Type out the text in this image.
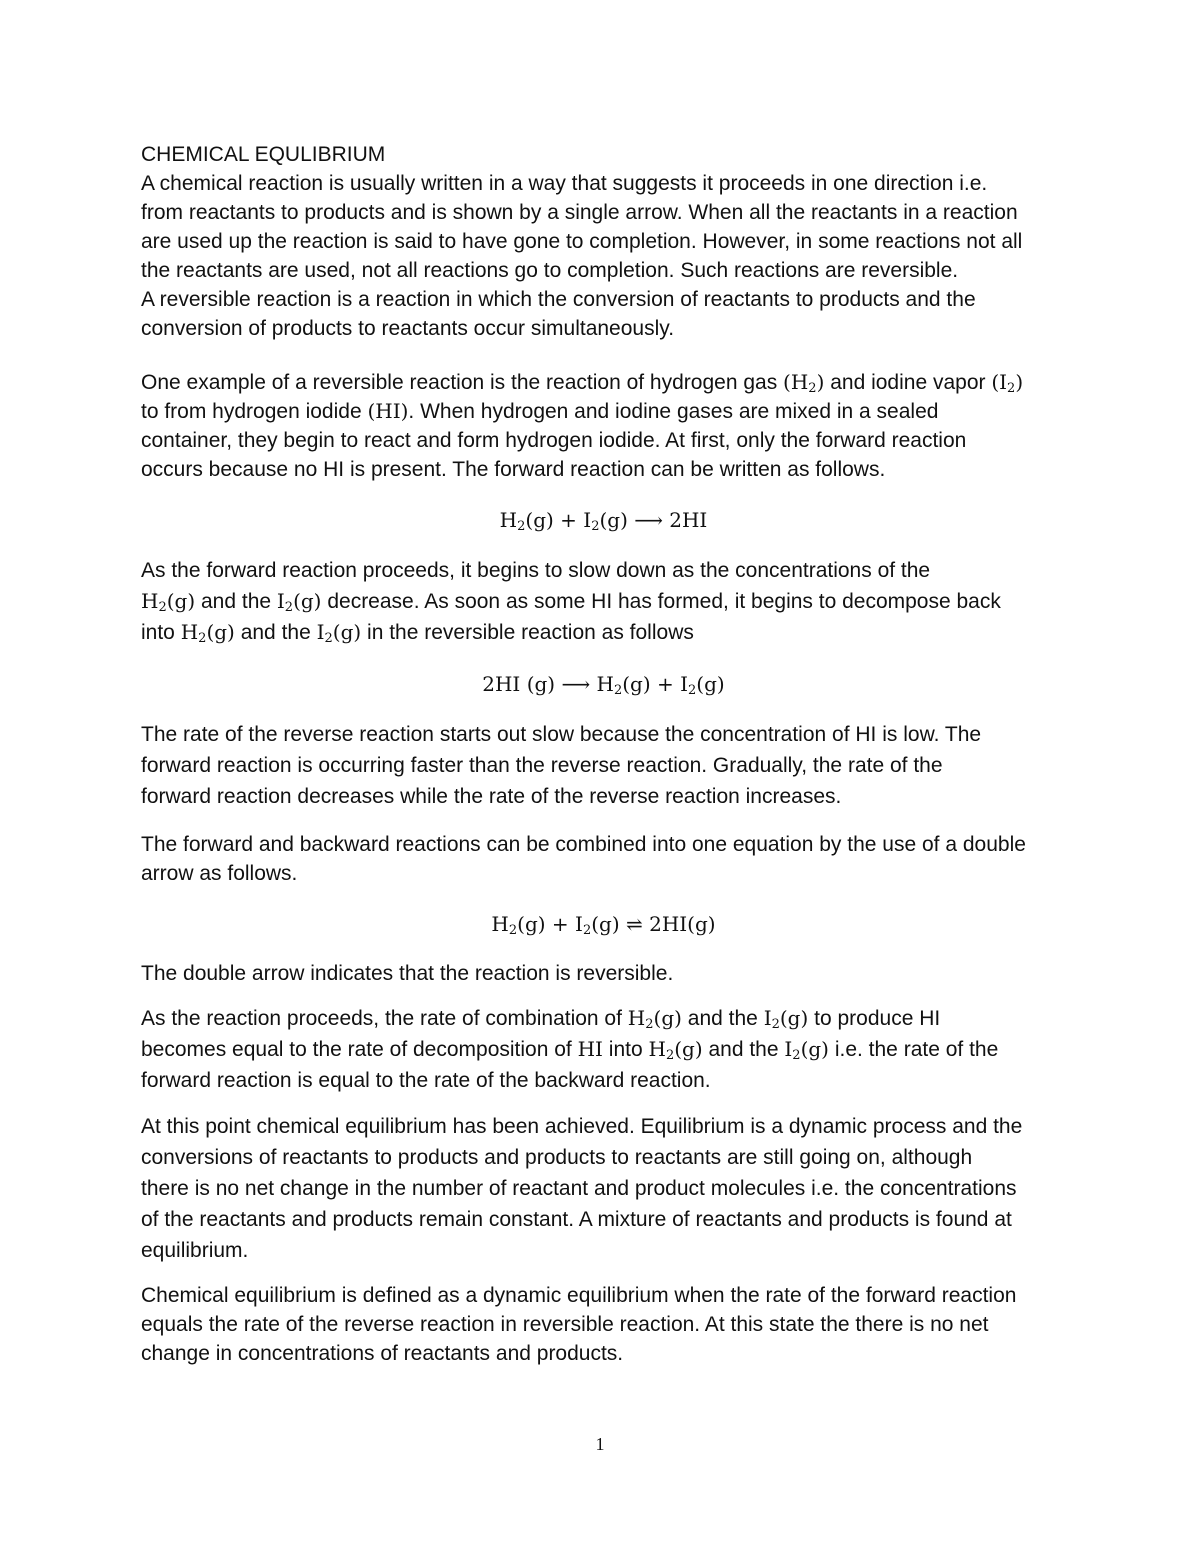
CHEMICAL EQULIBRIUM

A chemical reaction is usually written in a way that suggests it proceeds in one direction i.e.

from reactants to products and is shown by a single arrow. When all the reactants in a reaction

are used up the reaction is said to have gone to completion. However, in some reactions not all

the reactants are used, not all reactions go to completion. Such reactions are reversible.

A reversible reaction is a reaction in which the conversion of reactants to products and the

conversion of products to reactants occur simultaneously.

One example of a reversible reaction is the reaction of hydrogen gas $(H_2)$ and iodine vapor $(I_2)$

to from hydrogen iodide (HI). When hydrogen and iodine gases are mixed in a sealed

container, they begin to react and form hydrogen iodide. At first, only the forward reaction

occurs because no HI is present. The forward reaction can be written as follows.

$H_2(g) + I_2(g)$ ⟶ 2HI

As the forward reaction proceeds, it begins to slow down as the concentrations of the

$H_2(g)$ and the $I_2(g)$ decrease. As soon as some HI has formed, it begins to decompose back

into $H_2(g)$ and the $I_2(g)$ in the reversible reaction as follows

2HI (g) ⟶ $H_2(g) + I_2(g)$

The rate of the reverse reaction starts out slow because the concentration of HI is low. The

forward reaction is occurring faster than the reverse reaction. Gradually, the rate of the

forward reaction decreases while the rate of the reverse reaction increases.

The forward and backward reactions can be combined into one equation by the use of a double

arrow as follows.

$H_2(g) + I_2(g)$ ⇌ 2HI(g)

The double arrow indicates that the reaction is reversible.

As the reaction proceeds, the rate of combination of $H_2(g)$ and the $I_2(g)$ to produce HI

becomes equal to the rate of decomposition of HI into $H_2(g)$ and the $I_2(g)$ i.e. the rate of the

forward reaction is equal to the rate of the backward reaction.

At this point chemical equilibrium has been achieved. Equilibrium is a dynamic process and the

conversions of reactants to products and products to reactants are still going on, although

there is no net change in the number of reactant and product molecules i.e. the concentrations

of the reactants and products remain constant. A mixture of reactants and products is found at

equilibrium.

Chemical equilibrium is defined as a dynamic equilibrium when the rate of the forward reaction

equals the rate of the reverse reaction in reversible reaction. At this state the there is no net

change in concentrations of reactants and products.

1
